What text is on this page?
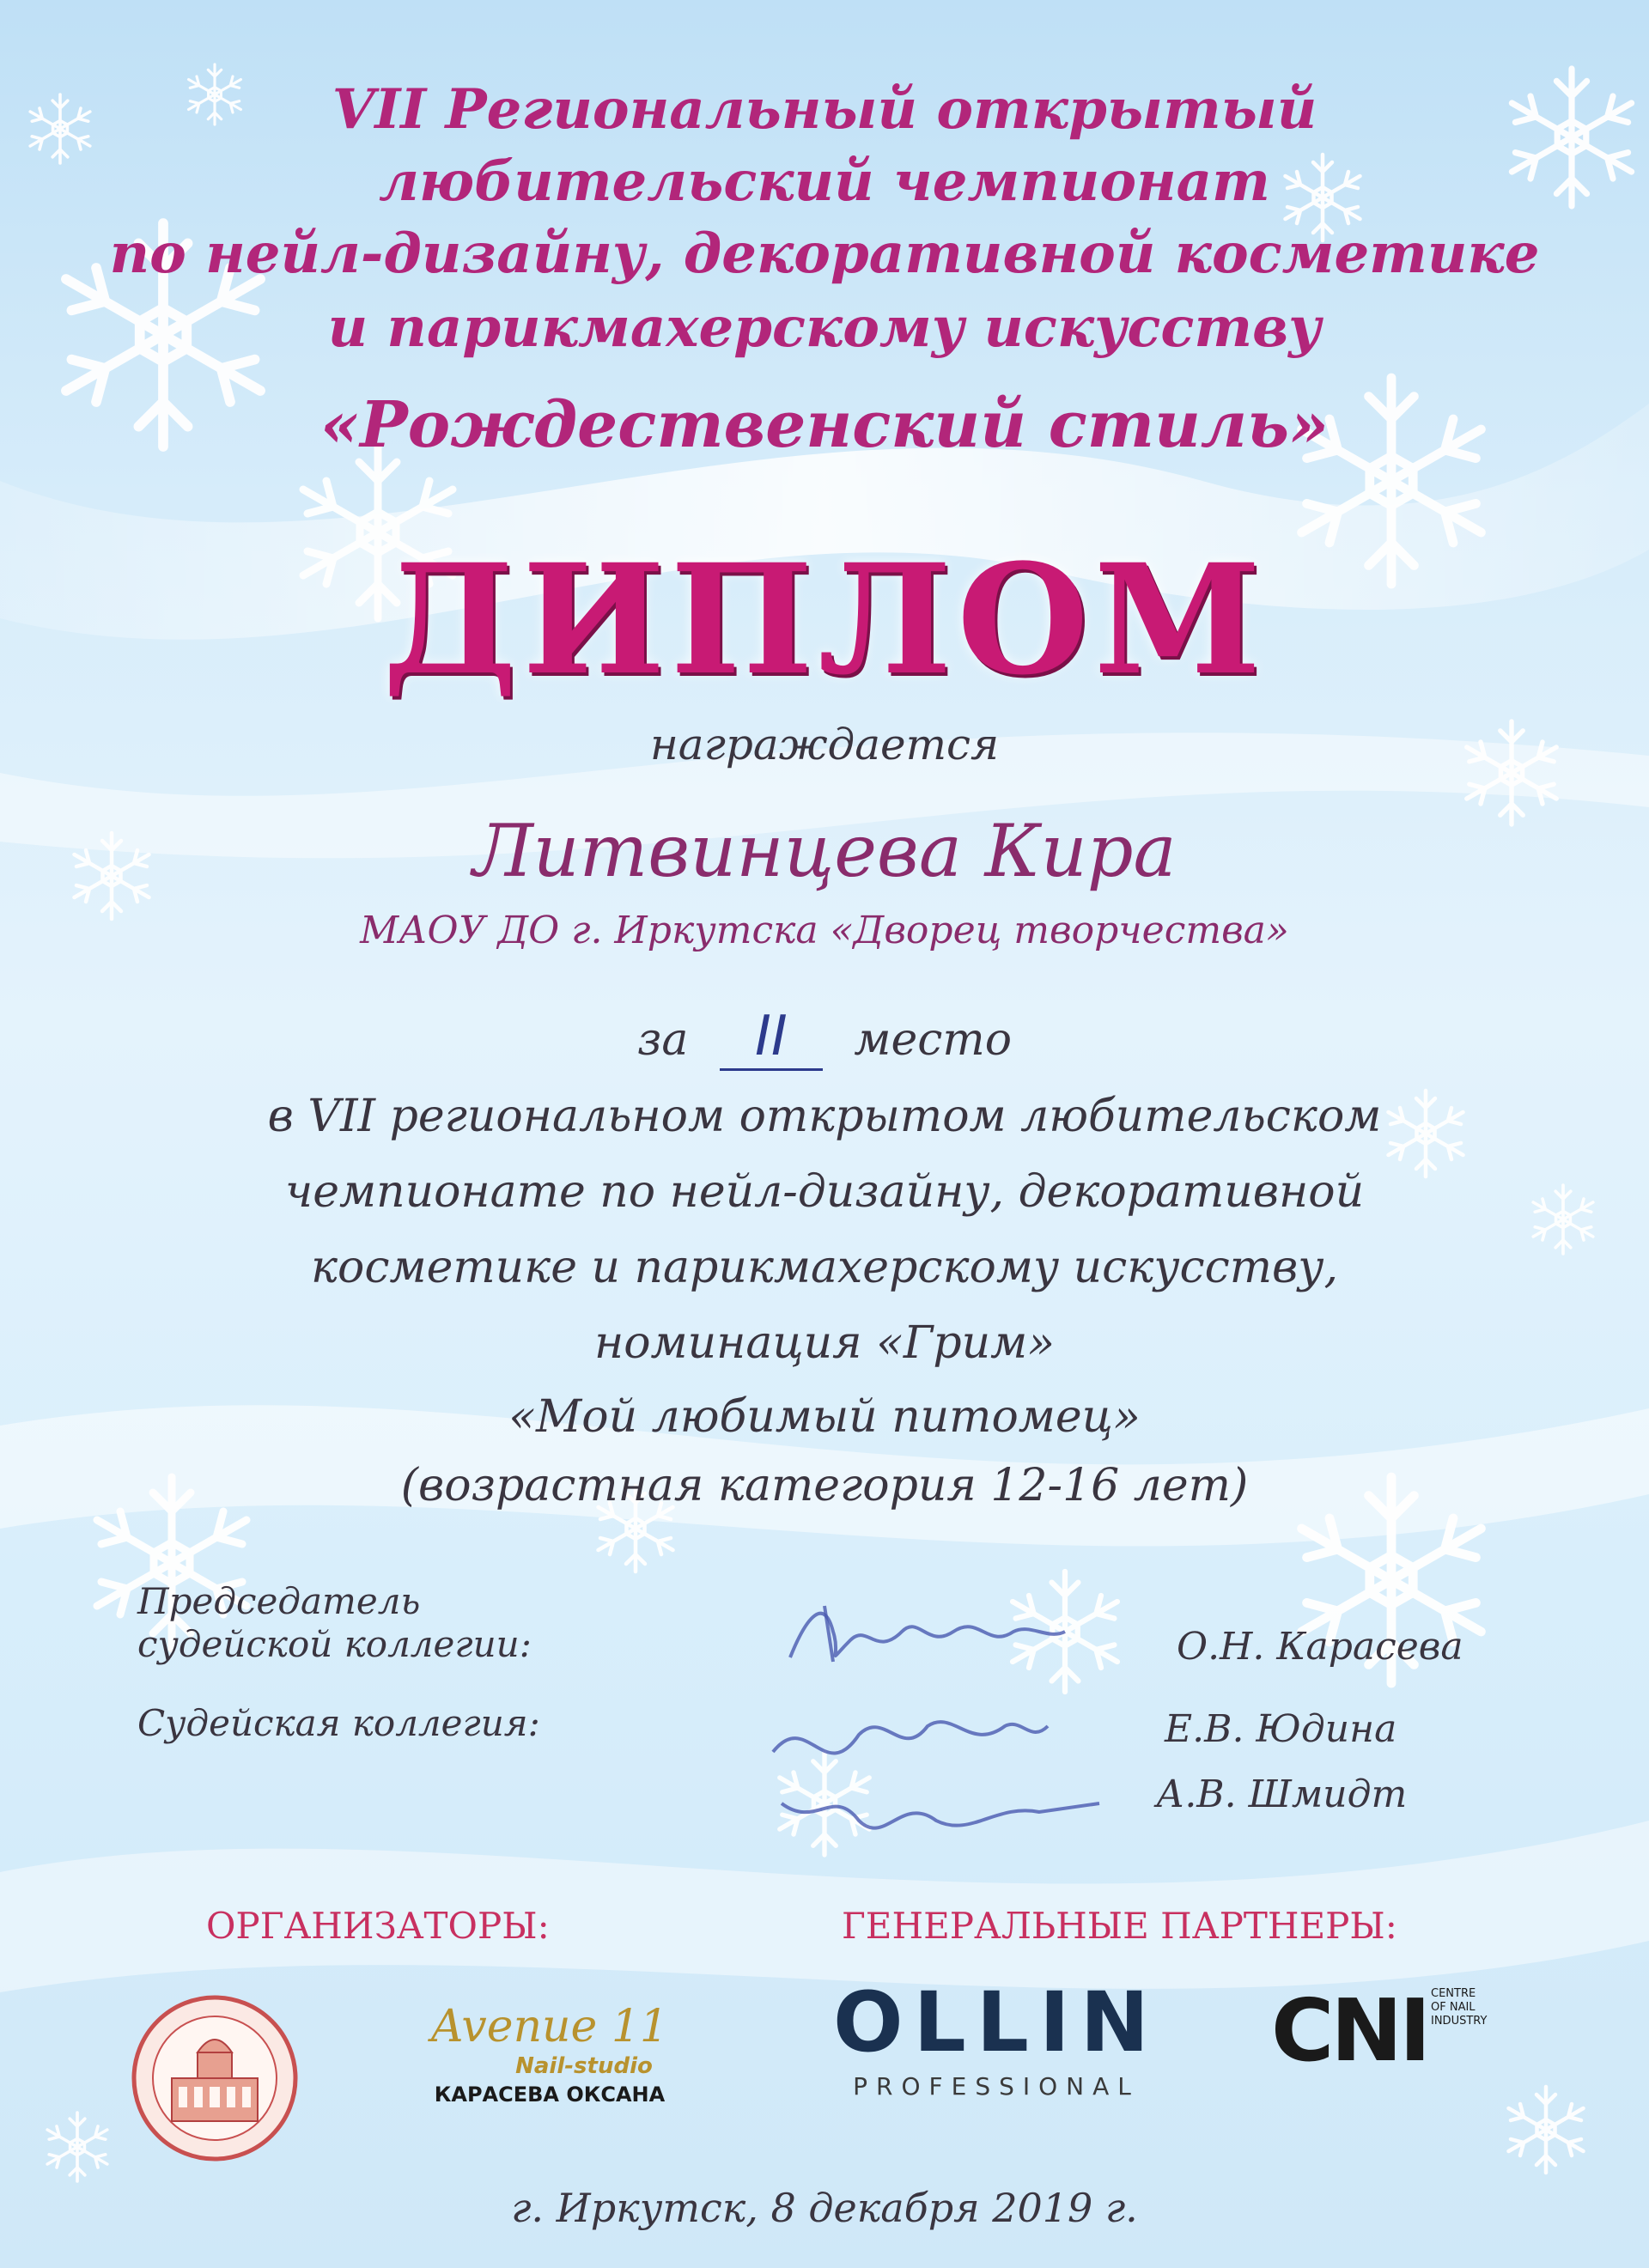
VII Региональный открытый
любительский чемпионат
по нейл-дизайну, декоративной косметике
и парикмахерскому искусству
«Рождественский стиль»
ДИПЛОМ
награждается
Литвинцева Кира
МАОУ ДО г. Иркутска «Дворец творчества»
за II место
в VII региональном открытом любительском
чемпионате по нейл-дизайну, декоративной
косметике и парикмахерскому искусству,
номинация «Грим»
«Мой любимый питомец»
(возрастная категория 12-16 лет)
Председатель
судейской коллегии:
Судейская коллегия:
О.Н. Карасева
Е.В. Юдина
А.В. Шмидт
ОРГАНИЗАТОРЫ:	ГЕНЕРАЛЬНЫЕ ПАРТНЕРЫ:
Avenue 11
Nail-studio
КАРАСЕВА ОКСАНА
OLLIN
PROFESSIONAL
CNI CENTRE
OF NAIL
INDUSTRY
г. Иркутск, 8 декабря 2019 г.
